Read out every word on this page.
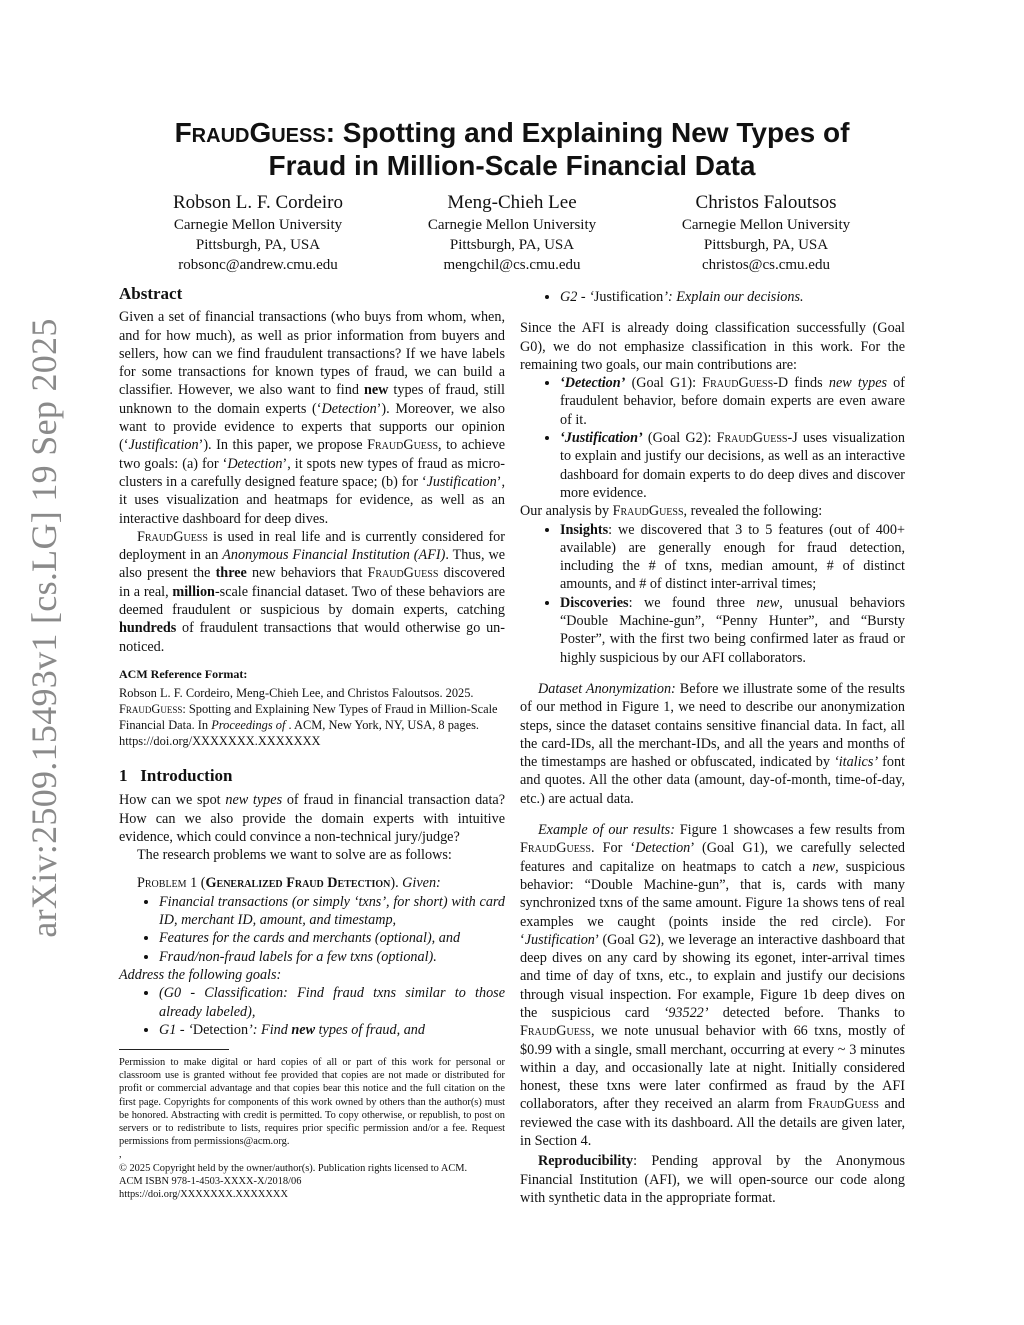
arXiv:2509.15493v1 [cs.LG] 19 Sep 2025
FraudGuess: Spotting and Explaining New Types of
Fraud in Million-Scale Financial Data
Robson L. F. Cordeiro
Carnegie Mellon University
Pittsburgh, PA, USA
robsonc@andrew.cmu.edu
Meng-Chieh Lee
Carnegie Mellon University
Pittsburgh, PA, USA
mengchil@cs.cmu.edu
Christos Faloutsos
Carnegie Mellon University
Pittsburgh, PA, USA
christos@cs.cmu.edu
Abstract

Given a set of financial transactions (who buys from whom, when, and for how much), as well as prior information from buyers and sellers, how can we find fraudulent transactions? If we have labels for some transactions for known types of fraud, we can build a classifier. However, we also want to find new types of fraud, still unknown to the domain experts (‘Detection’). Moreover, we also want to provide evidence to experts that supports our opinion (‘Justification’). In this paper, we propose FraudGuess, to achieve two goals: (a) for ‘Detection’, it spots new types of fraud as micro-clusters in a carefully designed feature space; (b) for ‘Justification’, it uses visualization and heatmaps for evidence, as well as an interactive dashboard for deep dives.

FraudGuess is used in real life and is currently considered for deployment in an Anonymous Financial Institution (AFI). Thus, we also present the three new behaviors that FraudGuess discovered in a real, million-scale financial dataset. Two of these behaviors are deemed fraudulent or suspicious by domain experts, catching hundreds of fraudulent transactions that would otherwise go un-noticed.

ACM Reference Format:
Robson L. F. Cordeiro, Meng-Chieh Lee, and Christos Faloutsos. 2025. FraudGuess: Spotting and Explaining New Types of Fraud in Million-Scale Financial Data. In Proceedings of . ACM, New York, NY, USA, 8 pages. https://doi.org/XXXXXXX.XXXXXXX
1 Introduction

How can we spot new types of fraud in financial transaction data? How can we also provide the domain experts with intuitive evidence, which could convince a non-technical jury/judge?

The research problems we want to solve are as follows:

Problem 1 (Generalized Fraud Detection). Given:

• Financial transactions (or simply ‘txns’, for short) with card ID, merchant ID, amount, and timestamp,
• Features for the cards and merchants (optional), and
• Fraud/non-fraud labels for a few txns (optional).

Address the following goals:

• (G0 - Classification: Find fraud txns similar to those already labeled),
• G1 - ‘Detection’: Find new types of fraud, and

Permission to make digital or hard copies of all or part of this work for personal or classroom use is granted without fee provided that copies are not made or distributed for profit or commercial advantage and that copies bear this notice and the full citation on the first page. Copyrights for components of this work owned by others than the author(s) must be honored. Abstracting with credit is permitted. To copy otherwise, or republish, to post on servers or to redistribute to lists, requires prior specific permission and/or a fee. Request permissions from permissions@acm.org.

,

© 2025 Copyright held by the owner/author(s). Publication rights licensed to ACM.

ACM ISBN 978-1-4503-XXXX-X/2018/06

https://doi.org/XXXXXXX.XXXXXXX

• G2 - ‘Justification’: Explain our decisions.

Since the AFI is already doing classification successfully (Goal G0), we do not emphasize classification in this work. For the remaining two goals, our main contributions are:

• ‘Detection’ (Goal G1): FraudGuess-D finds new types of fraudulent behavior, before domain experts are even aware of it.
• ‘Justification’ (Goal G2): FraudGuess-J uses visualization to explain and justify our decisions, as well as an interactive dashboard for domain experts to do deep dives and discover more evidence.

Our analysis by FraudGuess, revealed the following:

• Insights: we discovered that 3 to 5 features (out of 400+ available) are generally enough for fraud detection, including the # of txns, median amount, # of distinct amounts, and # of distinct inter-arrival times;
• Discoveries: we found three new, unusual behaviors “Double Machine-gun”, “Penny Hunter”, and “Bursty Poster”, with the first two being confirmed later as fraud or highly suspicious by our AFI collaborators.

Dataset Anonymization: Before we illustrate some of the results of our method in Figure 1, we need to describe our anonymization steps, since the dataset contains sensitive financial data. In fact, all the card-IDs, all the merchant-IDs, and all the years and months of the timestamps are hashed or obfuscated, indicated by ‘italics’ font and quotes. All the other data (amount, day-of-month, time-of-day, etc.) are actual data.

Example of our results: Figure 1 showcases a few results from FraudGuess. For ‘Detection’ (Goal G1), we carefully selected features and capitalize on heatmaps to catch a new, suspicious behavior: “Double Machine-gun”, that is, cards with many synchronized txns of the same amount. Figure 1a shows tens of real examples we caught (points inside the red circle). For ‘Justification’ (Goal G2), we leverage an interactive dashboard that deep dives on any card by showing its egonet, inter-arrival times and time of day of txns, etc., to explain and justify our decisions through visual inspection. For example, Figure 1b deep dives on the suspicious card ‘93522’ detected before. Thanks to FraudGuess, we note unusual behavior with 66 txns, mostly of $0.99 with a single, small merchant, occurring at every ~ 3 minutes within a day, and occasionally late at night. Initially considered honest, these txns were later confirmed as fraud by the AFI collaborators, after they received an alarm from FraudGuess and reviewed the case with its dashboard. All the details are given later, in Section 4.

Reproducibility: Pending approval by the Anonymous Financial Institution (AFI), we will open-source our code along with synthetic data in the appropriate format.
